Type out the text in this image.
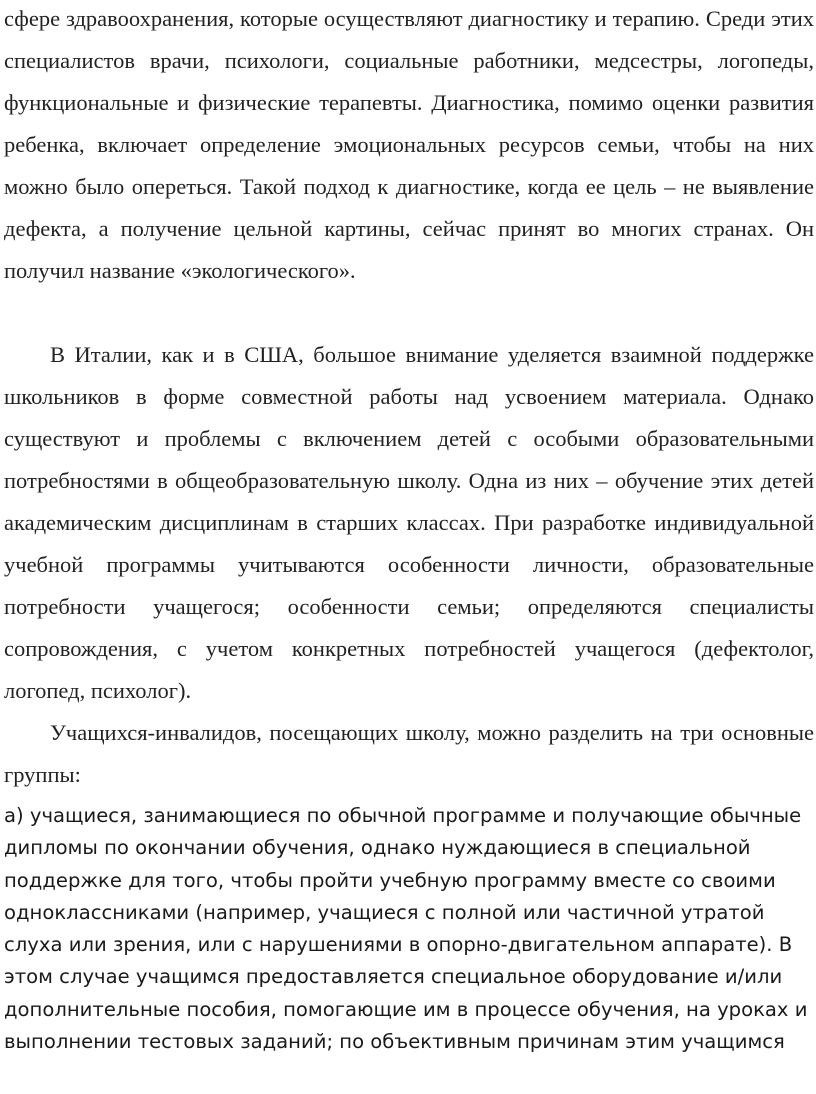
сфере здравоохранения, которые осуществляют диагностику и терапию. Среди этих специалистов врачи, психологи, социальные работники, медсестры, логопеды, функциональные и физические терапевты. Диагностика, помимо оценки развития ребенка, включает определение эмоциональных ресурсов семьи, чтобы на них можно было опереться. Такой подход к диагностике, когда ее цель – не выявление дефекта, а получение цельной картины, сейчас принят во многих странах. Он получил название «экологического».

В Италии, как и в США, большое внимание уделяется взаимной поддержке школьников в форме совместной работы над усвоением материала. Однако существуют и проблемы с включением детей с особыми образовательными потребностями в общеобразовательную школу. Одна из них – обучение этих детей академическим дисциплинам в старших классах. При разработке индивидуальной учебной программы учитываются особенности личности, образовательные потребности учащегося; особенности семьи; определяются специалисты сопровождения, с учетом конкретных потребностей учащегося (дефектолог, логопед, психолог).

Учащихся-инвалидов, посещающих школу, можно разделить на три основные группы:

а) учащиеся, занимающиеся по обычной программе и получающие обычные дипломы по окончании обучения, однако нуждающиеся в специальной поддержке для того, чтобы пройти учебную программу вместе со своими одноклассниками (например, учащиеся с полной или частичной утратой слуха или зрения, или с нарушениями в опорно-двигательном аппарате). В этом случае учащимся предоставляется специальное оборудование и/или дополнительные пособия, помогающие им в процессе обучения, на уроках и выполнении тестовых заданий; по объективным причинам этим учащимся
